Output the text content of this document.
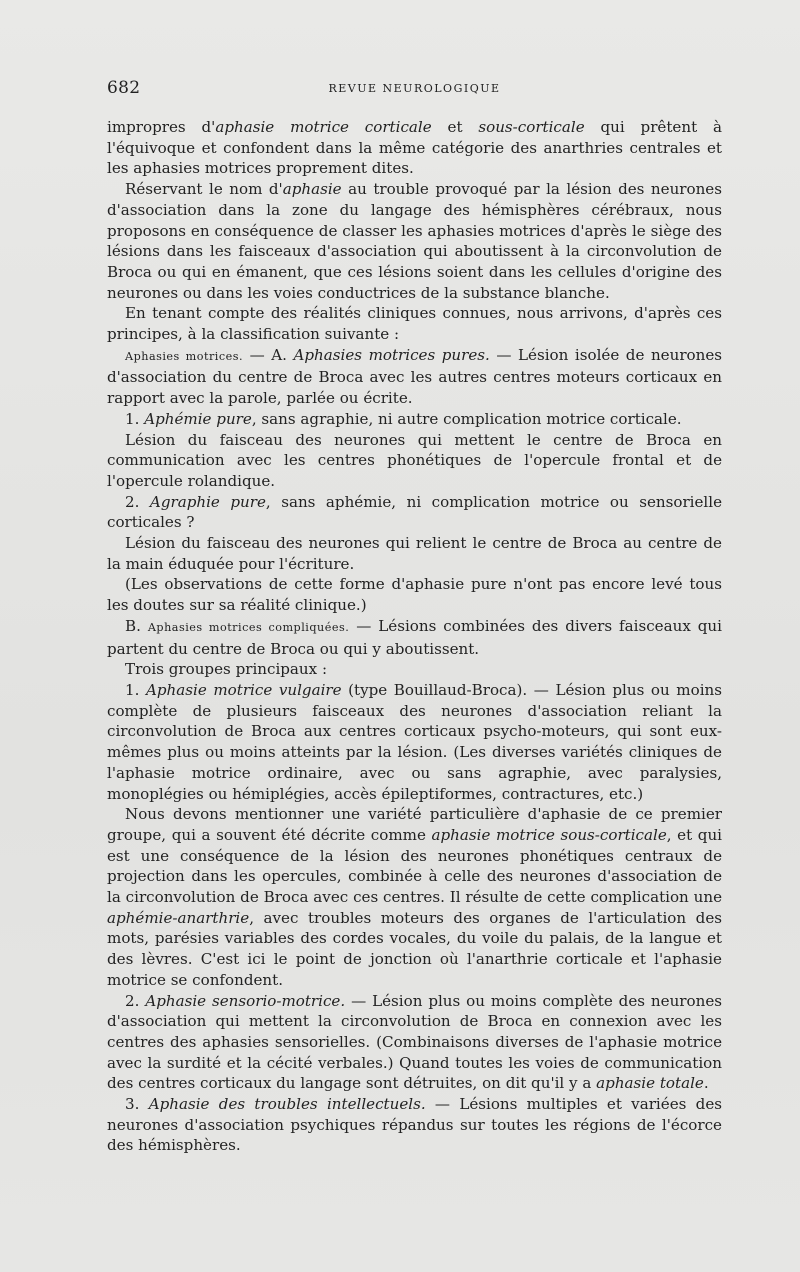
682	REVUE NEUROLOGIQUE

impropres d'aphasie motrice corticale et sous-corticale qui prêtent à l'équivoque et confondent dans la même catégorie des anarthries centrales et les aphasies motrices proprement dites.

Réservant le nom d'aphasie au trouble provoqué par la lésion des neurones d'association dans la zone du langage des hémisphères cérébraux, nous proposons en conséquence de classer les aphasies motrices d'après le siège des lésions dans les faisceaux d'association qui aboutissent à la circonvolution de Broca ou qui en émanent, que ces lésions soient dans les cellules d'origine des neurones ou dans les voies conductrices de la substance blanche.

En tenant compte des réalités cliniques connues, nous arrivons, d'après ces principes, à la classification suivante :

Aphasies motrices. — A. Aphasies motrices pures. — Lésion isolée de neurones d'association du centre de Broca avec les autres centres moteurs corticaux en rapport avec la parole, parlée ou écrite.

1. Aphémie pure, sans agraphie, ni autre complication motrice corticale.

Lésion du faisceau des neurones qui mettent le centre de Broca en communication avec les centres phonétiques de l'opercule frontal et de l'opercule rolandique.

2. Agraphie pure, sans aphémie, ni complication motrice ou sensorielle corticales ?

Lésion du faisceau des neurones qui relient le centre de Broca au centre de la main éduquée pour l'écriture.

(Les observations de cette forme d'aphasie pure n'ont pas encore levé tous les doutes sur sa réalité clinique.)

B. Aphasies motrices compliquées. — Lésions combinées des divers faisceaux qui partent du centre de Broca ou qui y aboutissent.

Trois groupes principaux :

1. Aphasie motrice vulgaire (type Bouillaud-Broca). — Lésion plus ou moins complète de plusieurs faisceaux des neurones d'association reliant la circonvolution de Broca aux centres corticaux psycho-moteurs, qui sont eux-mêmes plus ou moins atteints par la lésion. (Les diverses variétés cliniques de l'aphasie motrice ordinaire, avec ou sans agraphie, avec paralysies, monoplégies ou hémiplégies, accès épileptiformes, contractures, etc.)

Nous devons mentionner une variété particulière d'aphasie de ce premier groupe, qui a souvent été décrite comme aphasie motrice sous-corticale, et qui est une conséquence de la lésion des neurones phonétiques centraux de projection dans les opercules, combinée à celle des neurones d'association de la circonvolution de Broca avec ces centres. Il résulte de cette complication une aphémie-anarthrie, avec troubles moteurs des organes de l'articulation des mots, parésies variables des cordes vocales, du voile du palais, de la langue et des lèvres. C'est ici le point de jonction où l'anarthrie corticale et l'aphasie motrice se confondent.

2. Aphasie sensorio-motrice. — Lésion plus ou moins complète des neurones d'association qui mettent la circonvolution de Broca en connexion avec les centres des aphasies sensorielles. (Combinaisons diverses de l'aphasie motrice avec la surdité et la cécité verbales.) Quand toutes les voies de communication des centres corticaux du langage sont détruites, on dit qu'il y a aphasie totale.

3. Aphasie des troubles intellectuels. — Lésions multiples et variées des neurones d'association psychiques répandus sur toutes les régions de l'écorce des hémisphères.
